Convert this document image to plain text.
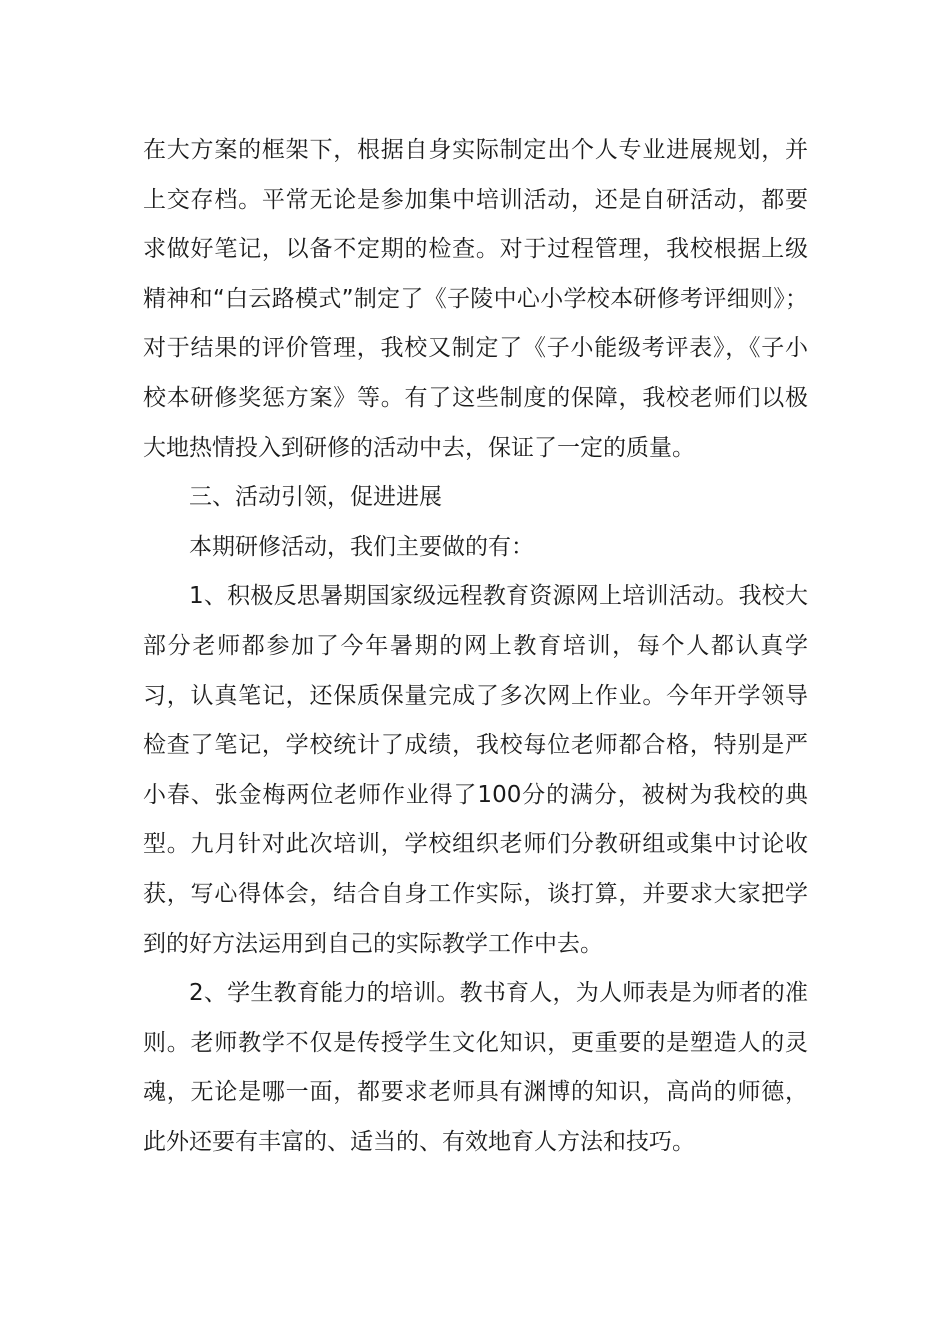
在大方案的框架下，根据自身实际制定出个人专业进展规划，并上交存档。平常无论是参加集中培训活动，还是自研活动，都要求做好笔记，以备不定期的检查。对于过程管理，我校根据上级精神和“白云路模式”制定了《子陵中心小学校本研修考评细则》；对于结果的评价管理，我校又制定了《子小能级考评表》，《子小校本研修奖惩方案》等。有了这些制度的保障，我校老师们以极大地热情投入到研修的活动中去，保证了一定的质量。

三、活动引领，促进进展

本期研修活动，我们主要做的有：

1、积极反思暑期国家级远程教育资源网上培训活动。我校大部分老师都参加了今年暑期的网上教育培训，每个人都认真学习，认真笔记，还保质保量完成了多次网上作业。今年开学领导检查了笔记，学校统计了成绩，我校每位老师都合格，特别是严小春、张金梅两位老师作业得了100分的满分，被树为我校的典型。九月针对此次培训，学校组织老师们分教研组或集中讨论收获，写心得体会，结合自身工作实际，谈打算，并要求大家把学到的好方法运用到自己的实际教学工作中去。

2、学生教育能力的培训。教书育人，为人师表是为师者的准则。老师教学不仅是传授学生文化知识，更重要的是塑造人的灵魂，无论是哪一面，都要求老师具有渊博的知识，高尚的师德，此外还要有丰富的、适当的、有效地育人方法和技巧。
